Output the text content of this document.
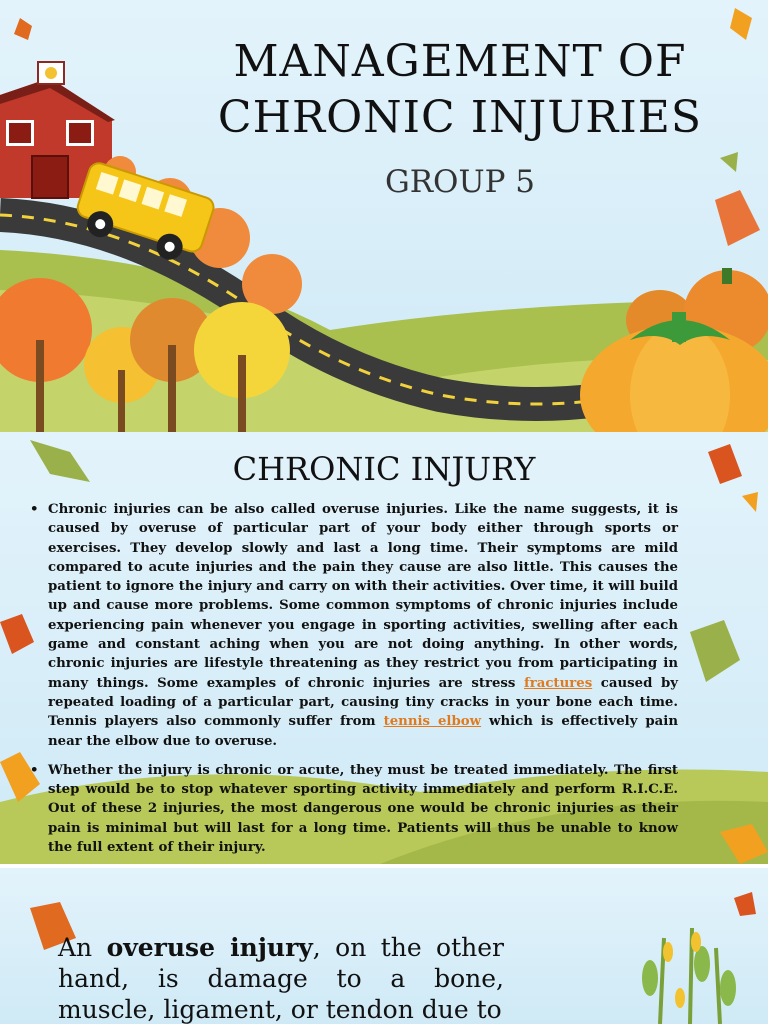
MANAGEMENT OF
CHRONIC INJURIES
GROUP 5
CHRONIC INJURY
• Chronic injuries can be also called overuse injuries. Like the name suggests, it is caused by overuse of particular part of your body either through sports or exercises. They develop slowly and last a long time. Their symptoms are mild compared to acute injuries and the pain they cause are also little. This causes the patient to ignore the injury and carry on with their activities. Over time, it will build up and cause more problems. Some common symptoms of chronic injuries include experiencing pain whenever you engage in sporting activities, swelling after each game and constant aching when you are not doing anything. In other words, chronic injuries are lifestyle threatening as they restrict you from participating in many things. Some examples of chronic injuries are stress fractures caused by repeated loading of a particular part, causing tiny cracks in your bone each time. Tennis players also commonly suffer from tennis elbow which is effectively pain near the elbow due to overuse.
• Whether the injury is chronic or acute, they must be treated immediately. The first step would be to stop whatever sporting activity immediately and perform R.I.C.E. Out of these 2 injuries, the most dangerous one would be chronic injuries as their pain is minimal but will last for a long time. Patients will thus be unable to know the full extent of their injury.
An overuse injury, on the other hand, is damage to a bone, muscle, ligament, or tendon due to
